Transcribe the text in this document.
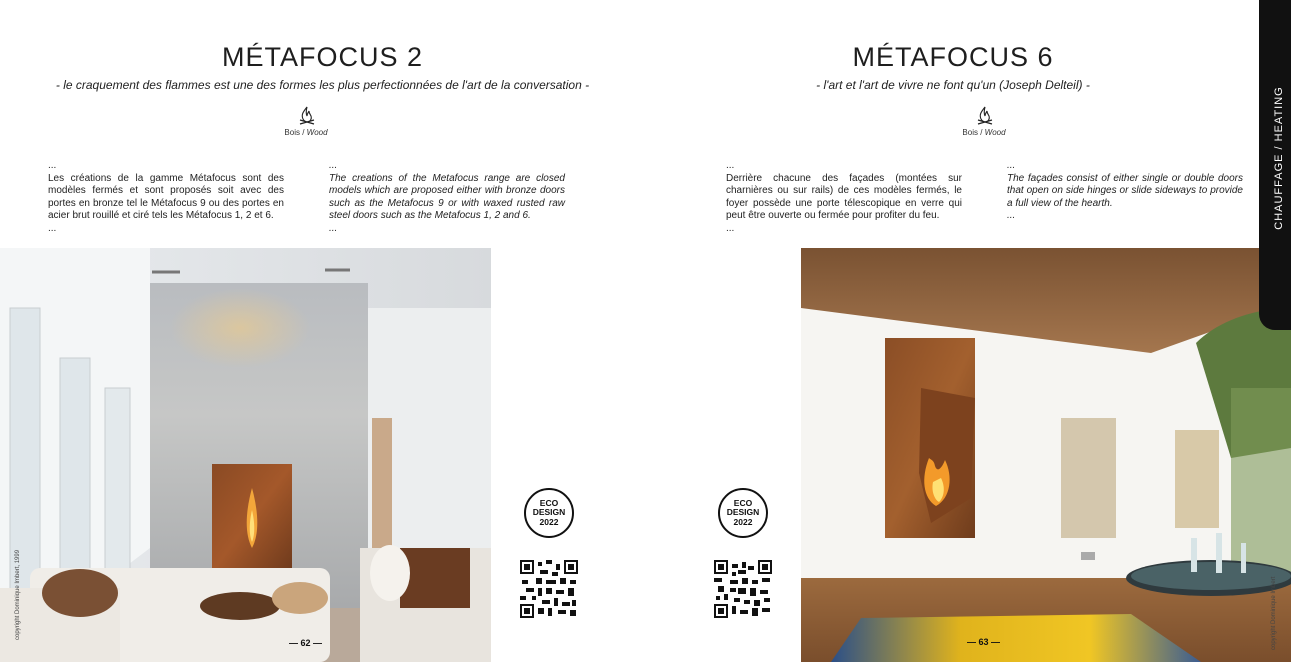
MÉTAFOCUS 2

- le craquement des flammes est une des formes les plus perfectionnées de l'art de la conversation -

Bois / Wood
...
Les créations de la gamme Métafocus sont des modèles fermés et sont proposés soit avec des portes en bronze tel le Métafocus 9 ou des portes en acier brut rouillé et ciré tels les Métafocus 1, 2 et 6.
...
...
The creations of the Metafocus range are closed models which are proposed either with bronze doors such as the Metafocus 9 or with waxed rusted raw steel doors such as the Metafocus 1, 2 and 6.
...
copyright Dominique Imbert, 1999
— 62 —
ECO
DESIGN
2022
MÉTAFOCUS 6

- l'art et l'art de vivre ne font qu'un (Joseph Delteil) -

Bois / Wood
...
Derrière chacune des façades (montées sur charnières ou sur rails) de ces modèles fermés, le foyer possède une porte télescopique en verre qui peut être ouverte ou fermée pour profiter du feu.
...
...
The façades consist of either single or double doors that open on side hinges or slide sideways to provide a full view of the hearth.
...
ECO
DESIGN
2022
— 63 —	copyright Dominique Imbert
CHAUFFAGE / HEATING
